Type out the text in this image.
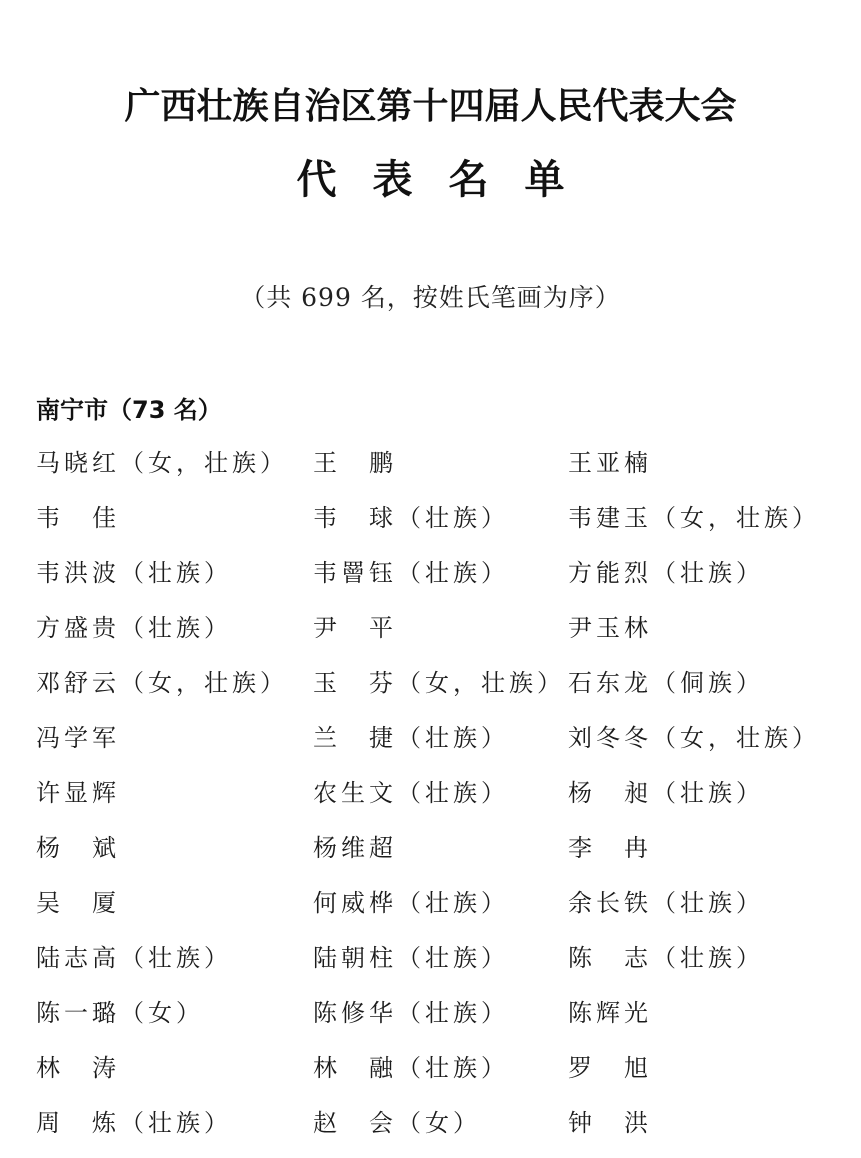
广西壮族自治区第十四届人民代表大会
代表名单
（共 699 名，按姓氏笔画为序）
南宁市（73 名）
马晓红（女，壮族）	王　鹏	王亚楠
韦　佳	韦　球（壮族）	韦建玉（女，壮族）
韦洪波（壮族）	韦罾钰（壮族）	方能烈（壮族）
方盛贵（壮族）	尹　平	尹玉林
邓舒云（女，壮族）	玉　芬（女，壮族） 石东龙（侗族）
冯学军	兰　捷（壮族）	刘冬冬（女，壮族）
许显辉	农生文（壮族）	杨　昶（壮族）
杨　斌	杨维超	李　冉
吴　厦	何威桦（壮族）	余长铁（壮族）
陆志高（壮族）	陆朝柱（壮族）	陈　志（壮族）
陈一璐（女）	陈修华（壮族）	陈辉光
林　涛	林　融（壮族）	罗　旭
周　炼（壮族）	赵　会（女）	钟　洪
